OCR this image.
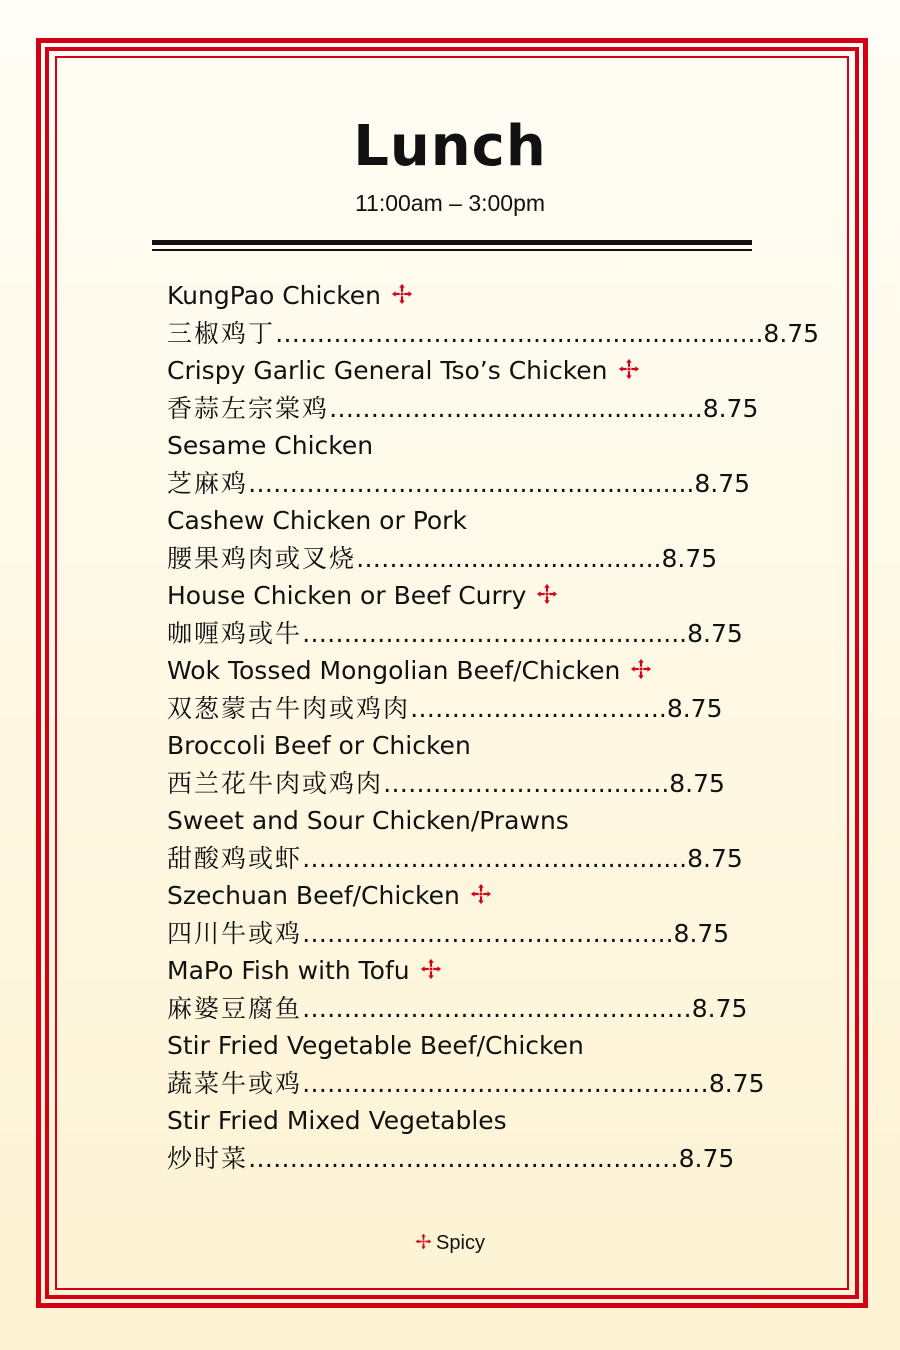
Lunch
11:00am – 3:00pm
KungPao Chicken
三椒鸡丁 ………………………….............................. 8.75
Crispy Garlic General Tso’s Chicken
香蒜左宗棠鸡 ……………….......................….. 8.75
Sesame Chicken
芝麻鸡 ……………………............................... 8.75
Cashew Chicken or Pork
腰果鸡肉或叉烧 ………............................. 8.75
House Chicken or Beef Curry
咖喱鸡或牛 ………………..…………............... 8.75
Wok Tossed Mongolian Beef/Chicken
双葱蒙古牛肉或鸡肉 ……………..………….. 8.75
Broccoli Beef or Chicken
西兰花牛肉或鸡肉 ………………….............. 8.75
Sweet and Sour Chicken/Prawns
甜酸鸡或虾 ……………..……………............... 8.75
Szechuan Beef/Chicken
四川牛或鸡 ……………..…………….……...... 8.75
MaPo Fish with Tofu
麻婆豆腐鱼 …………………..………………...… 8.75
Stir Fried Vegetable Beef/Chicken
蔬菜牛或鸡 ………………………………….…...… 8.75
Stir Fried Mixed Vegetables
炒时菜 ………..…………………………..…...… 8.75
Spicy
